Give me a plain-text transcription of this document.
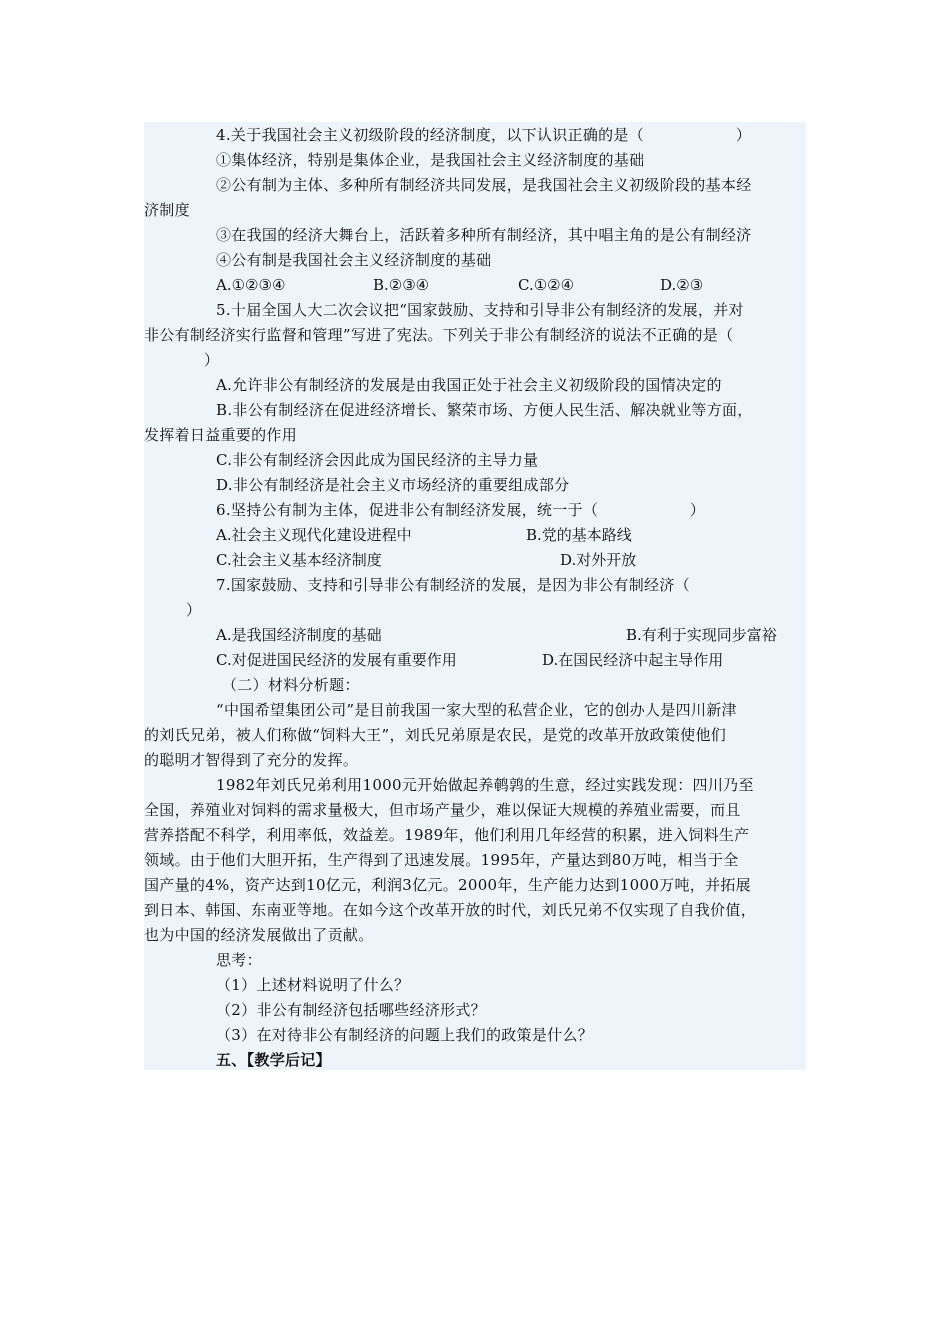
4.关于我国社会主义初级阶段的经济制度，以下认识正确的是（　　　　　　）
①集体经济，特别是集体企业，是我国社会主义经济制度的基础
②公有制为主体、多种所有制经济共同发展，是我国社会主义初级阶段的基本经
济制度
③在我国的经济大舞台上，活跃着多种所有制经济，其中唱主角的是公有制经济
④公有制是我国社会主义经济制度的基础
A.①②③④	B.②③④	C.①②④	D.②③
5.十届全国人大二次会议把“国家鼓励、支持和引导非公有制经济的发展，并对
非公有制经济实行监督和管理”写进了宪法。下列关于非公有制经济的说法不正确的是（
）
A.允许非公有制经济的发展是由我国正处于社会主义初级阶段的国情决定的
B.非公有制经济在促进经济增长、繁荣市场、方便人民生活、解决就业等方面，
发挥着日益重要的作用
C.非公有制经济会因此成为国民经济的主导力量
D.非公有制经济是社会主义市场经济的重要组成部分
6.坚持公有制为主体，促进非公有制经济发展，统一于（　　　　　　）
A.社会主义现代化建设进程中	B.党的基本路线
C.社会主义基本经济制度	D.对外开放
7.国家鼓励、支持和引导非公有制经济的发展，是因为非公有制经济（
）
A.是我国经济制度的基础	B.有利于实现同步富裕
C.对促进国民经济的发展有重要作用	D.在国民经济中起主导作用
（二）材料分析题：
“中国希望集团公司”是目前我国一家大型的私营企业，它的创办人是四川新津
的刘氏兄弟，被人们称做“饲料大王”，刘氏兄弟原是农民，是党的改革开放政策使他们
的聪明才智得到了充分的发挥。
1982年刘氏兄弟利用1000元开始做起养鹌鹑的生意，经过实践发现：四川乃至
全国，养殖业对饲料的需求量极大，但市场产量少，难以保证大规模的养殖业需要，而且
营养搭配不科学，利用率低，效益差。1989年，他们利用几年经营的积累，进入饲料生产
领域。由于他们大胆开拓，生产得到了迅速发展。1995年，产量达到80万吨，相当于全
国产量的4%，资产达到10亿元，利润3亿元。2000年，生产能力达到1000万吨，并拓展
到日本、韩国、东南亚等地。在如今这个改革开放的时代，刘氏兄弟不仅实现了自我价值，
也为中国的经济发展做出了贡献。
思考：
（1）上述材料说明了什么？
（2）非公有制经济包括哪些经济形式？
（3）在对待非公有制经济的问题上我们的政策是什么？
五、【教学后记】
